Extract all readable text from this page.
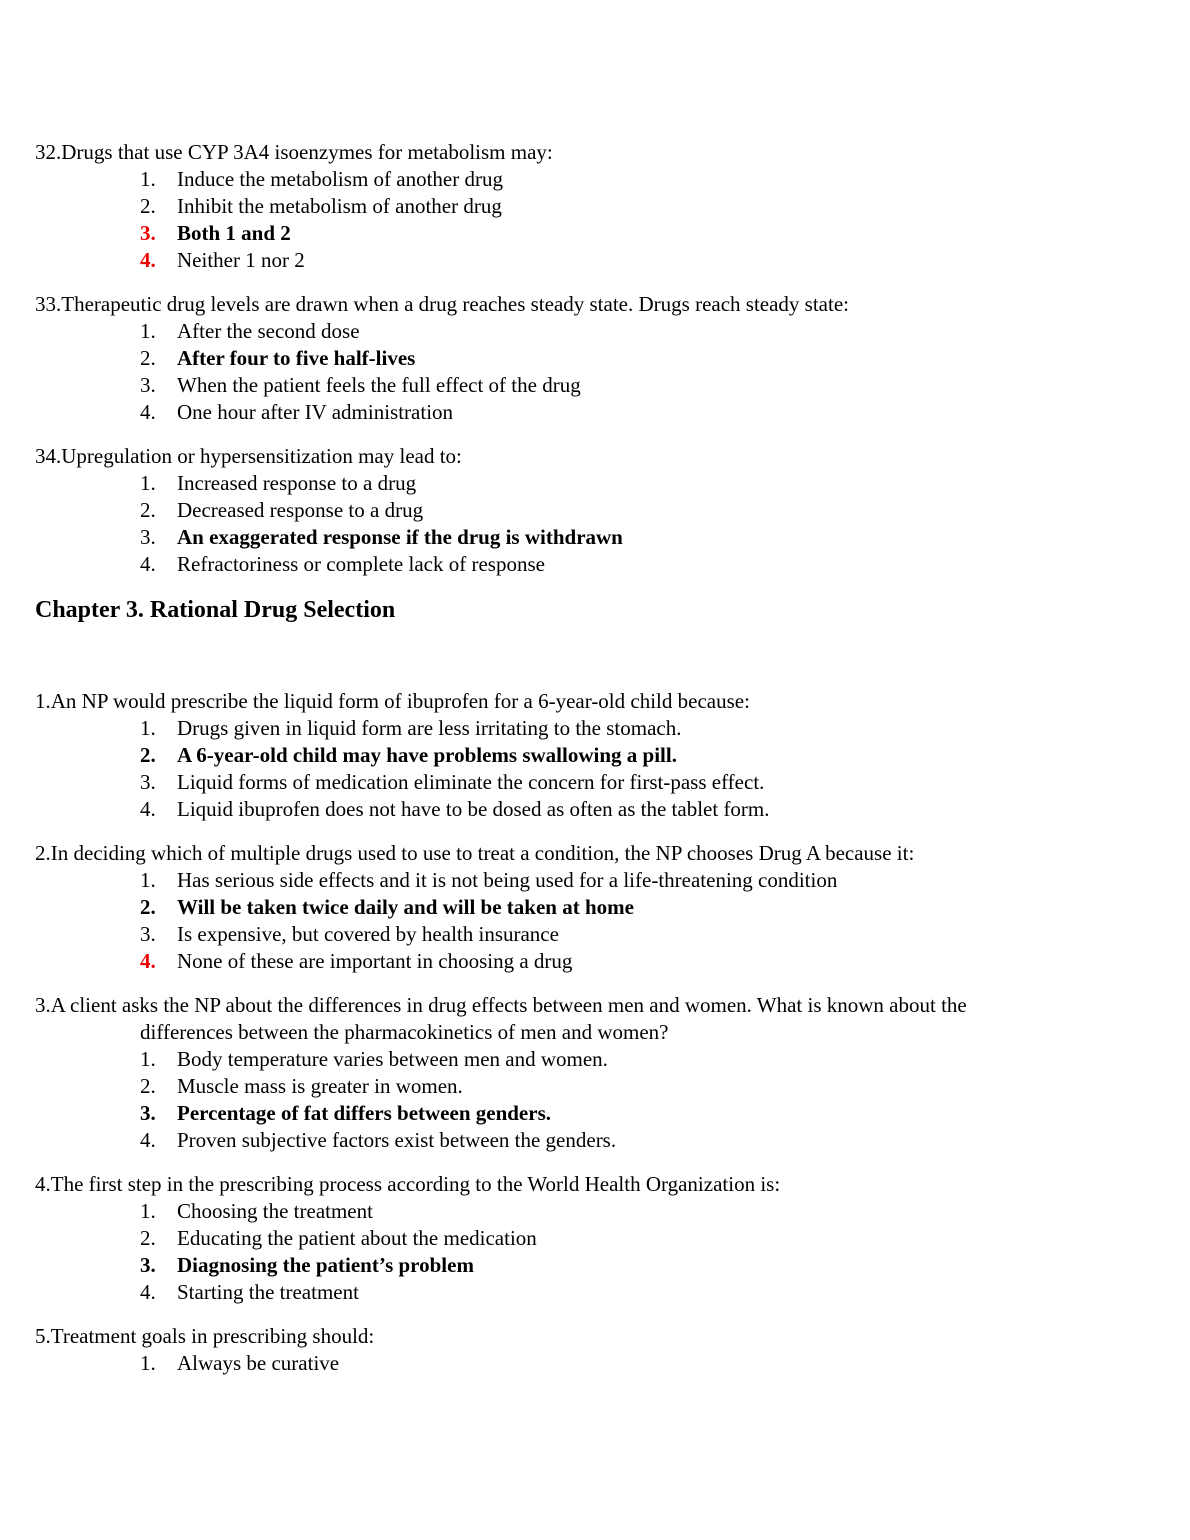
32.Drugs that use CYP 3A4 isoenzymes for metabolism may:

1. Induce the metabolism of another drug
2. Inhibit the metabolism of another drug
3. Both 1 and 2
4. Neither 1 nor 2

33.Therapeutic drug levels are drawn when a drug reaches steady state. Drugs reach steady state:

1. After the second dose
2. After four to five half-lives
3. When the patient feels the full effect of the drug
4. One hour after IV administration

34.Upregulation or hypersensitization may lead to:

1. Increased response to a drug
2. Decreased response to a drug
3. An exaggerated response if the drug is withdrawn
4. Refractoriness or complete lack of response
Chapter 3. Rational Drug Selection

1.An NP would prescribe the liquid form of ibuprofen for a 6-year-old child because:

1. Drugs given in liquid form are less irritating to the stomach.
2. A 6-year-old child may have problems swallowing a pill.
3. Liquid forms of medication eliminate the concern for first-pass effect.
4. Liquid ibuprofen does not have to be dosed as often as the tablet form.

2.In deciding which of multiple drugs used to use to treat a condition, the NP chooses Drug A because it:

1. Has serious side effects and it is not being used for a life-threatening condition
2. Will be taken twice daily and will be taken at home
3. Is expensive, but covered by health insurance
4. None of these are important in choosing a drug

3.A client asks the NP about the differences in drug effects between men and women. What is known about the differences between the pharmacokinetics of men and women?

1. Body temperature varies between men and women.
2. Muscle mass is greater in women.
3. Percentage of fat differs between genders.
4. Proven subjective factors exist between the genders.

4.The first step in the prescribing process according to the World Health Organization is:

1. Choosing the treatment
2. Educating the patient about the medication
3. Diagnosing the patient’s problem
4. Starting the treatment

5.Treatment goals in prescribing should:

1. Always be curative
